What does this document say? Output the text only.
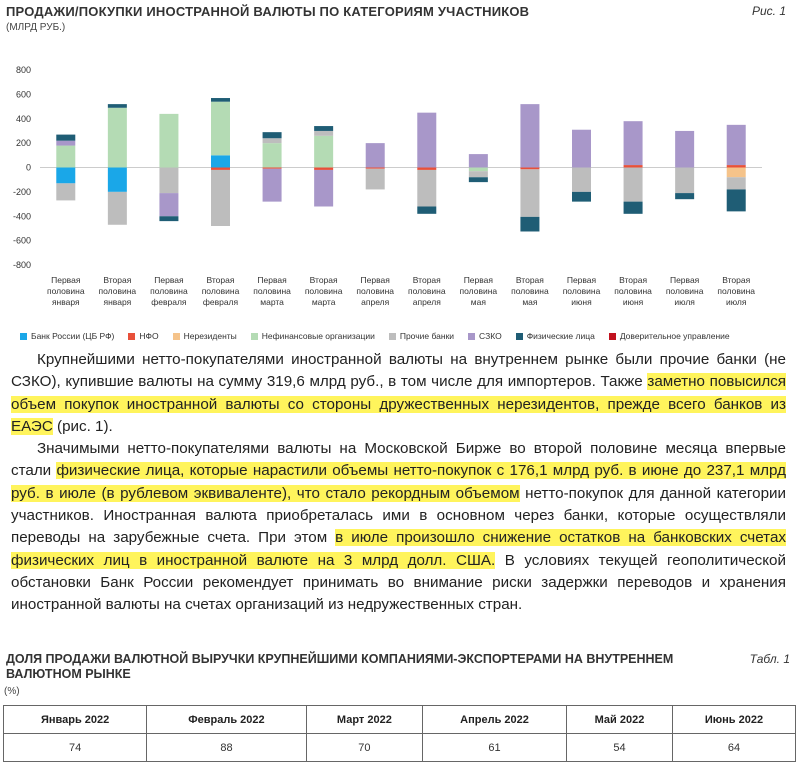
ПРОДАЖИ/ПОКУПКИ ИНОСТРАННОЙ ВАЛЮТЫ ПО КАТЕГОРИЯМ УЧАСТНИКОВ
(МЛРД РУБ.)
Рис. 1
800
600
400
200
0
-200
-400
-600
-800
Первая половина января
Вторая половина января
Первая половина февраля
Вторая половина февраля
Первая половина марта
Вторая половина марта
Первая половина апреля
Вторая половина апреля
Первая половина мая
Вторая половина мая
Первая половина июня
Вторая половина июня
Первая половина июля
Вторая половина июля
Банк России (ЦБ РФ)	НФО	Нерезиденты	Нефинансовые организации	Прочие банки	СЗКО	Физические лица	Доверительное управление

Крупнейшими нетто-покупателями иностранной валюты на внутреннем рынке были прочие банки (не СЗКО), купившие валюты на сумму 319,6 млрд руб., в том числе для импортеров. Также заметно повысился объем покупок иностранной валюты со стороны дружественных нерезидентов, прежде всего банков из ЕАЭС (рис. 1).

Значимыми нетто-покупателями валюты на Московской Бирже во второй половине месяца впервые стали физические лица, которые нарастили объемы нетто-покупок с 176,1 млрд руб. в июне до 237,1 млрд руб. в июле (в рублевом эквиваленте), что стало рекордным объемом нетто-покупок для данной категории участников. Иностранная валюта приобреталась ими в основном через банки, которые осуществляли переводы на зарубежные счета. При этом в июле произошло снижение остатков на банковских счетах физических лиц в иностранной валюте на 3 млрд долл. США. В условиях текущей геополитической обстановки Банк России рекомендует принимать во внимание риски задержки переводов и хранения иностранной валюты на счетах организаций из недружественных стран.

ДОЛЯ ПРОДАЖИ ВАЛЮТНОЙ ВЫРУЧКИ КРУПНЕЙШИМИ КОМПАНИЯМИ-ЭКСПОРТЕРАМИ НА ВНУТРЕННЕМ ВАЛЮТНОМ РЫНКЕ
Табл. 1
(%)
Январь 2022	Февраль 2022	Март 2022	Апрель 2022	Май 2022	Июнь 2022
74	88	70	61	54	64
